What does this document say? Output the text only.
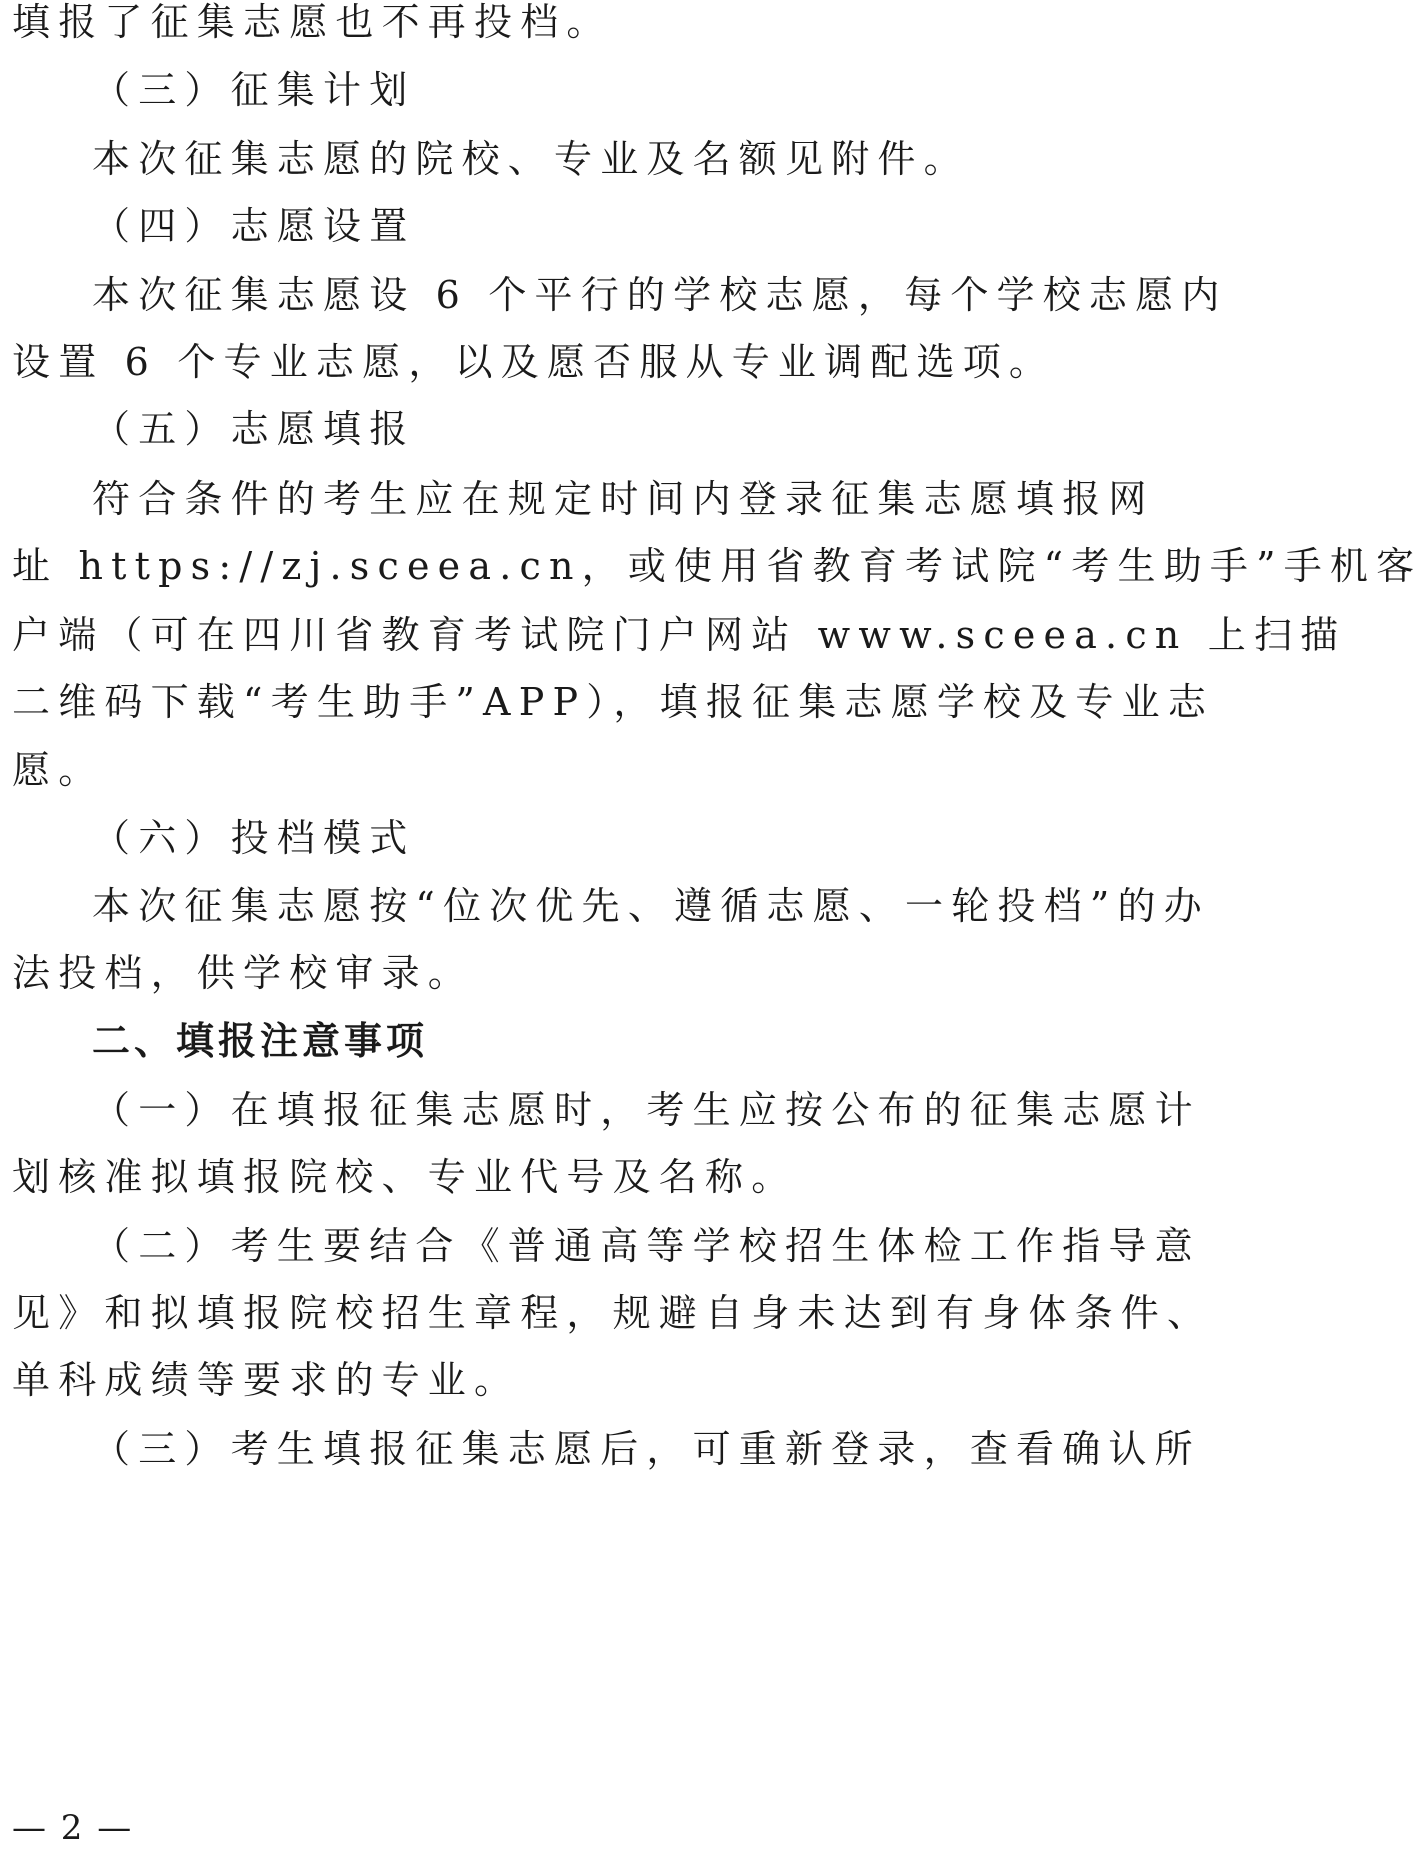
填报了征集志愿也不再投档。
（三）征集计划
本次征集志愿的院校、专业及名额见附件。
（四）志愿设置
本次征集志愿设 6 个平行的学校志愿，每个学校志愿内
设置 6 个专业志愿，以及愿否服从专业调配选项。
（五）志愿填报
符合条件的考生应在规定时间内登录征集志愿填报网
址 https://zj.sceea.cn，或使用省教育考试院“考生助手”手机客
户端（可在四川省教育考试院门户网站 www.sceea.cn 上扫描
二维码下载“考生助手”APP），填报征集志愿学校及专业志
愿。
（六）投档模式
本次征集志愿按“位次优先、遵循志愿、一轮投档”的办
法投档，供学校审录。
二、填报注意事项
（一）在填报征集志愿时，考生应按公布的征集志愿计
划核准拟填报院校、专业代号及名称。
（二）考生要结合《普通高等学校招生体检工作指导意
见》和拟填报院校招生章程，规避自身未达到有身体条件、
单科成绩等要求的专业。
（三）考生填报征集志愿后，可重新登录，查看确认所
— 2 —
